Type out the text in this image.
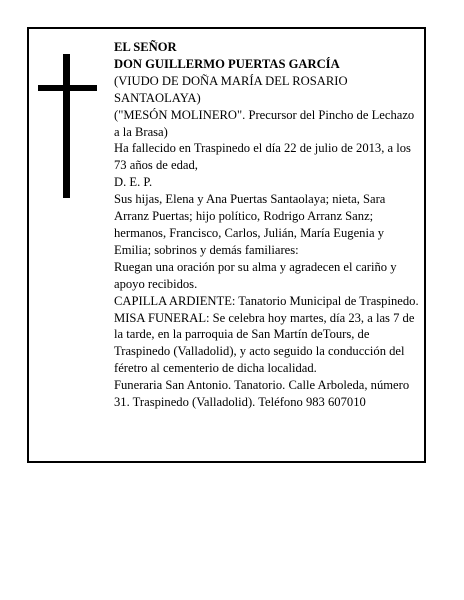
EL SEÑOR

DON GUILLERMO PUERTAS GARCÍA

(VIUDO DE DOÑA MARÍA DEL ROSARIO SANTAOLAYA)

("MESÓN MOLINERO". Precursor del Pincho de Lechazo a la Brasa)

Ha fallecido en Traspinedo el día 22 de julio de 2013, a los 73 años de edad,

D. E. P.

Sus hijas, Elena y Ana Puertas Santaolaya; nieta, Sara Arranz Puertas; hijo político, Rodrigo Arranz Sanz; hermanos, Francisco, Carlos, Julián, María Eugenia y Emilia; sobrinos y demás familiares:

Ruegan una oración por su alma y agradecen el cariño y apoyo recibidos.

CAPILLA ARDIENTE: Tanatorio Municipal de Traspinedo.

MISA FUNERAL: Se celebra hoy martes, día 23, a las 7 de la tarde, en la parroquia de San Martín deTours, de Traspinedo (Valladolid), y acto seguido la conducción del féretro al cementerio de dicha localidad.

Funeraria San Antonio. Tanatorio. Calle Arboleda, número 31. Traspinedo (Valladolid). Teléfono 983 607010
